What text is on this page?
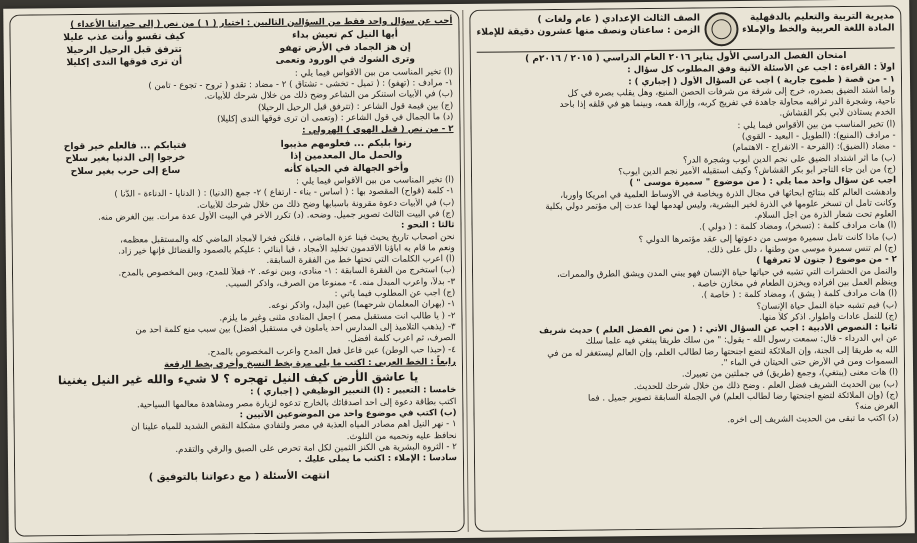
مديرية التربية والتعليم بالدقهلية
المادة اللغة العربية والخط والإملاء
الصف الثالث الإعدادي ( عام ولغات )
الزمن : ساعتان ونصف منها عشرون دقيقة للإملاء
امتحان الفصل الدراسي الأول يناير ٢٠١٦ العام الدراسي ( ٢٠١٥ / ٢٠١٦م )
أولاً : القراءة : أجب عن الأسئلة الآتية وفق المطلوب كل سؤال :
١ - من قصة ( طموح جارية ) أجب عن السؤال الأول ( إجباري ) :
ولما اشتد الضيق بصدره، خرج إلى شرفة من شرفات الحصن المنيع، وهل يقلب بصره في كل
ناحية، وشجرة الدر تراقبه محاولة جاهدة في تفريج كربه، وإزالة همه، وبينما هو في قلقه إذا بأحد
الخدم يستأذن لأبي بكر القشاش.
(أ) تخير المناسب من بين الأقواس فيما يلي :
- مرادف (المنيع): (الطويل - البعيد - القوي)
- مضاد (الضيق): (الفرحة - الانفراج - الاهتمام)
(ب) ما أثر اشتداد الضيق على نجم الدين أيوب وشجرة الدر؟
(ج) من أين جاء التاجر أبو بكر القشاش؟ وكيف استقبله الأمير نجم الدين أيوب؟
أجب عن سؤال واحد مما يلي : ( من موضوع " سميرة موسى " )
وأدهشت العالم كله بنتائج أبحاثها في مجال الذرة وبخاصة في الأوساط العلمية في أمريكا وأوربا،
وكانت تأمل أن تسخر علومها في الذرة لخير البشرية، وليس لهدمها لهذا عدت إلى مؤتمر دولي بكلية
العلوم تحت شعار الذرة من أجل السلام.
(أ) هات مرادف كلمة : (تسخر)، ومضاد كلمة : ( دولي ).
(ب) ماذا كانت تأمل سميرة موسى من دعوتها إلى عقد مؤتمرها الدولي ؟
(ج) لم تنس سميرة موسى من وطنها ، دلل على ذلك.
٢ - من موضوع ( جنون لا تعرفها )
والنمل من الحشرات التي تشبه في حياتها حياة الإنسان فهو يبني المدن ويشق الطرق والممرات،
وينظم العمل بين أفراده ويخزن الطعام في مخازن خاصة .
(أ) هات مرادف كلمة ( يشق )، ومضاد كلمة : ( خاصة ).
(ب) فيم تشبه حياة النمل حياة الإنسان؟
(ج) للنمل عادات وأطوار. اذكر كلاً منها.
ثانياً : النصوص الأدبية : أجب عن السؤال الأتي : ( من نص الفضل العلم ) حديث شريف
عن أبي الدرداء - قال: سمعت رسول الله - يقول: " من سلك طريقا يبتغي فيه علما سلك
الله به طريقا إلى الجنة، وإن الملائكة لتضع أجنحتها رضا لطالب العلم، وإن العالم ليستغفر له من في
السموات ومن في الأرض حتى الحيتان في الماء ".
(أ) هات معنى (يبتغي)، وجمع (طريق) في جملتين من تعبيرك.
(ب) بين الحديث الشريف فضل العلم . وضح ذلك من خلال شرحك للحديث.
(ج) (وإن الملائكة لتضع أجنحتها رضا لطالب العلم) في الجملة السابقة تصوير جميل . فما
الغرض منه؟
(د) اكتب ما تبقى من الحديث الشريف إلى آخره.
أجب عن سؤال واحد فقط من السؤالين التاليين : اختيار ( ١ ) من نص ( إلى جيراننا الأعداء )
أيها النيل كم تعيش بداء
كيف تقسو وأنت عذب عليلا
إن هز الجماد في الأرض تهفو
تترفق قبل الرحيل الرحيلا
وترى الشوك في الورود وتعمى
أن ترى فوقها الندى إكليلا
(أ) تخير المناسب من بين الأقواس فيما يلي :
١- مرادف : (تهفو) : ( تميل - تخشى - تشتاق ) ٢ - مضاد : تقدو ( تروح - تجوع - تأمن )
(ب) في الأبيات استنكر من الشاعر وضح ذلك من خلال شرحك للأبيات.
(ج) بين قيمة قول الشاعر : (تترفق قبل الرحيل الرحيلا)
(د) ما الجمال في قول الشاعر : (وتعمى أن ترى فوقها الندى إكليلا)
٢ - من نص ( قيل الهوى ) الهرولي :
رنوا بليكم ... فعلومهم مذيبوا
فتيابكم ... فالعلم خير قواح
والحمل مال المعدمين إذا
خرجوا إلى الدنيا بغير سلاح
وأخو الجهالة في الحياة كأنه
ساع إلى حرب بغير سلاح
(أ) تخير المناسب من بين الأقواس فيما يلي :
١- كلمة (قواح) المقصود بها : ( أساس - بناء - ارتفاع ) ٢- جمع (الدنيا) : ( الدنايا - الدناءة - الدُّنا )
(ب) في الأبيات دعوة مقرونة بأسبابها وضح ذلك من خلال شرحك للأبيات.
(ج) في البيت الثالث تصوير جميل. وضحه. (د) تكرر الأخر في البيت الأول عدة مرات. بين الغرض منه.
ثالثاً : النحو :
نحن أصحاب تاريخ يحيث فينا عزة الماضي ، فلنكن فخراً لأمجاد الماضي كله والمستقبل معظمه،
ونعم ما قام به آباؤنا الأقدمون تخليد الأمجاد ، فيا أبنائي : عليكم بالصمود والفضائل فإنها خير زاد.
(أ) أعرب الكلمات التي تحتها خط من الفقرة السابقة.
(ب) استخرج من الفقرة السابقة : ١- منادى، وبين نوعه. ٢- فعلاً للمدح، وبين المخصوص بالمدح.
٣- بدلاً، وأعرب المبدل منه. ٤- ممنوعاً من الصرف، واذكر السبب.
(ج) أجب عن المطلوب فيما يأتي :
١- (بهران المعلمان شرحهما) عين البدل، واذكر نوعه.
٢- ( يا طالب أنت مستقبل مصر ) اجعل المنادى مثنى وغير ما يلزم.
٣- (يذهب التلاميذ إلى المدارس أحد يأملون في مستقبل أفضل) بين سبب منع كلمة أحد من
الصرف، ثم أعرب كلمة أفضل.
٤- (حبذا حب الوطن) عين فاعل فعل المدح وأعرب المخصوص بالمدح.
رابعاً : الخط العربي : اكتب ما يلي مرة بخط النسخ وأخرى بخط الرقعة
يا عاشق الأرض كيف النيل تهجره ؟ لا شيء والله غير النيل يغنينا
خامساً : التعبير : (أ) التعبير الوظيفي ( إجباري ) :
اكتب بطاقة دعوة إلى أحد أصدقائك بالخارج تدعوه لزيارة مصر ومشاهدة معالمها السياحية.
(ب) اكتب في موضوع واحد من الموضوعين الآتيين :
١ - نهر النيل أهم مصادر المياه العذبة في مصر ولتفادي مشكلة النقص الشديد للمياه علينا أن
نحافظ عليه ونحميه من التلوث.
٢ - الثروة البشرية هي الكنز الثمين لكل أمة تحرص على الصبق والرقي والتقدم.
سادساً : الإملاء : اكتب ما يملى عليك .
انتهت الأسئلة ( مع دعواتنا بالتوفيق )
